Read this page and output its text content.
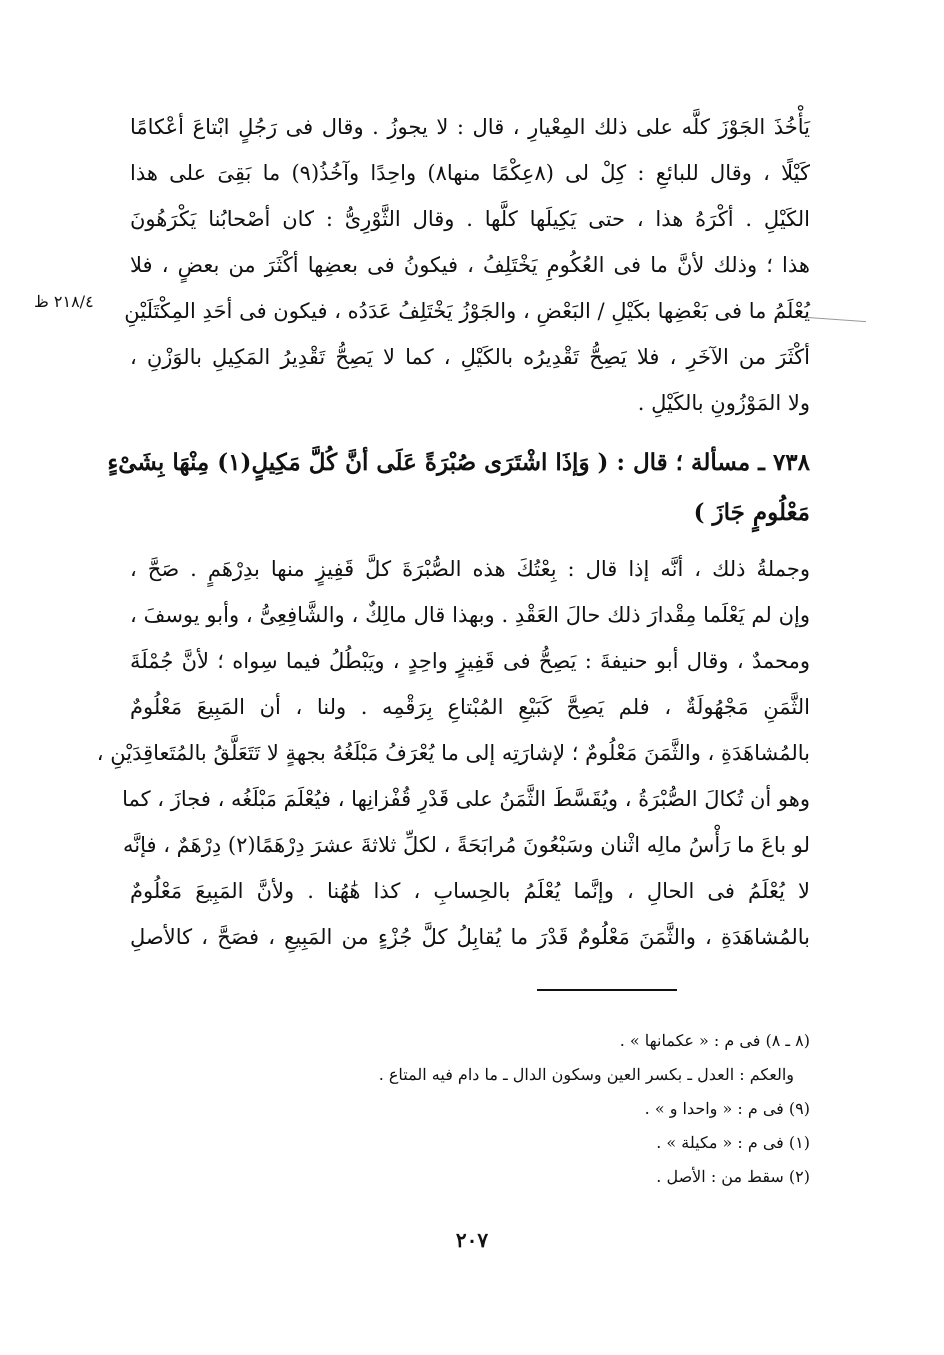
يَأْخُذَ الجَوْزَ كلَّه على ذلك المِعْيارِ ، قال : لا يجوزُ . وقال فى رَجُلٍ ابْتاعَ أعْكامًا
كَيْلًا ، وقال للبائعِ : كِلْ لى (٨عِكْمًا منها٨) واحِدًا وآخُذُ(٩) ما بَقِىَ على هذا
الكَيْلِ . أكْرَهُ هذا ، حتى يَكِيلَها كلَّها . وقال الثَّوْرِىُّ : كان أصْحابُنا يَكْرَهُونَ
هذا ؛ وذلك لأنَّ ما فى العُكُومِ يَخْتَلِفُ ، فيكونُ فى بعضِها أكْثَرَ من بعضٍ ، فلا
يُعْلَمُ ما فى بَعْضِها بكَيْلِ / البَعْضِ ، والجَوْزُ يَخْتَلِفُ عَدَدُه ، فيكون فى أحَدِ المِكْتَلَيْنِ
أكْثَرَ من الآخَرِ ، فلا يَصِحُّ تَقْدِيرُه بالكَيْلِ ، كما لا يَصِحُّ تَقْدِيرُ المَكِيلِ بالوَزْنِ ،
ولا المَوْزُونِ بالكَيْلِ .
٢١٨/٤ ظ
٧٣٨ ـ مسألة ؛ قال : ( وَإذَا اشْتَرَى صُبْرَةً عَلَى أنَّ كُلَّ مَكِيلٍ(١) مِنْهَا بِشَىْءٍ
مَعْلُومٍ جَازَ )
وجملةُ ذلك ، أنَّه إذا قال : بِعْتُكَ هذه الصُّبْرَةَ كلَّ قَفِيزٍ منها بدِرْهَمٍ . صَحَّ ،
وإن لم يَعْلَما مِقْدارَ ذلك حالَ العَقْدِ . وبهذا قال مالِكٌ ، والشَّافِعِىُّ ، وأبو يوسفَ ،
ومحمدٌ ، وقال أبو حنيفةَ : يَصِحُّ فى قَفِيزٍ واحِدٍ ، ويَبْطُلُ فيما سِواه ؛ لأنَّ جُمْلَةَ
الثَّمَنِ مَجْهُولَةٌ ، فلم يَصِحَّ كَبَيْعِ المُبْتاعِ بِرَقْمِه . ولنا ، أن المَبِيعَ مَعْلُومٌ
بالمُشاهَدَةِ ، والثَّمَنَ مَعْلُومٌ ؛ لإشارَتِه إلى ما يُعْرَفُ مَبْلَغُهُ بجهةٍ لا تَتَعَلَّقُ بالمُتَعاقِدَيْنِ ،
وهو أن تُكالَ الصُّبْرَةُ ، ويُقَسَّطَ الثَّمَنُ على قَدْرِ قُفْزانِها ، فيُعْلَمَ مَبْلَغُه ، فجازَ ، كما
لو باعَ ما رَأْسُ مالِه اثْنان وسَبْعُونَ مُرابَحَةً ، لكلِّ ثلاثةَ عشرَ دِرْهَمًا(٢) دِرْهَمٌ ، فإنَّه
لا يُعْلَمُ فى الحالِ ، وإنَّما يُعْلَمُ بالحِسابِ ، كذا هَٰهُنا . ولأنَّ المَبِيعَ مَعْلُومٌ
بالمُشاهَدَةِ ، والثَّمَنَ مَعْلُومٌ قَدْرَ ما يُقابِلُ كلَّ جُزْءٍ من المَبِيعِ ، فصَحَّ ، كالأصلِ
(٨ ـ ٨) فى م : « عكمانها » .
والعكم : العدل ـ بكسر العين وسكون الدال ـ ما دام فيه المتاع .
(٩) فى م : « واحدا و » .
(١) فى م : « مكيلة » .
(٢) سقط من : الأصل .
٢٠٧
